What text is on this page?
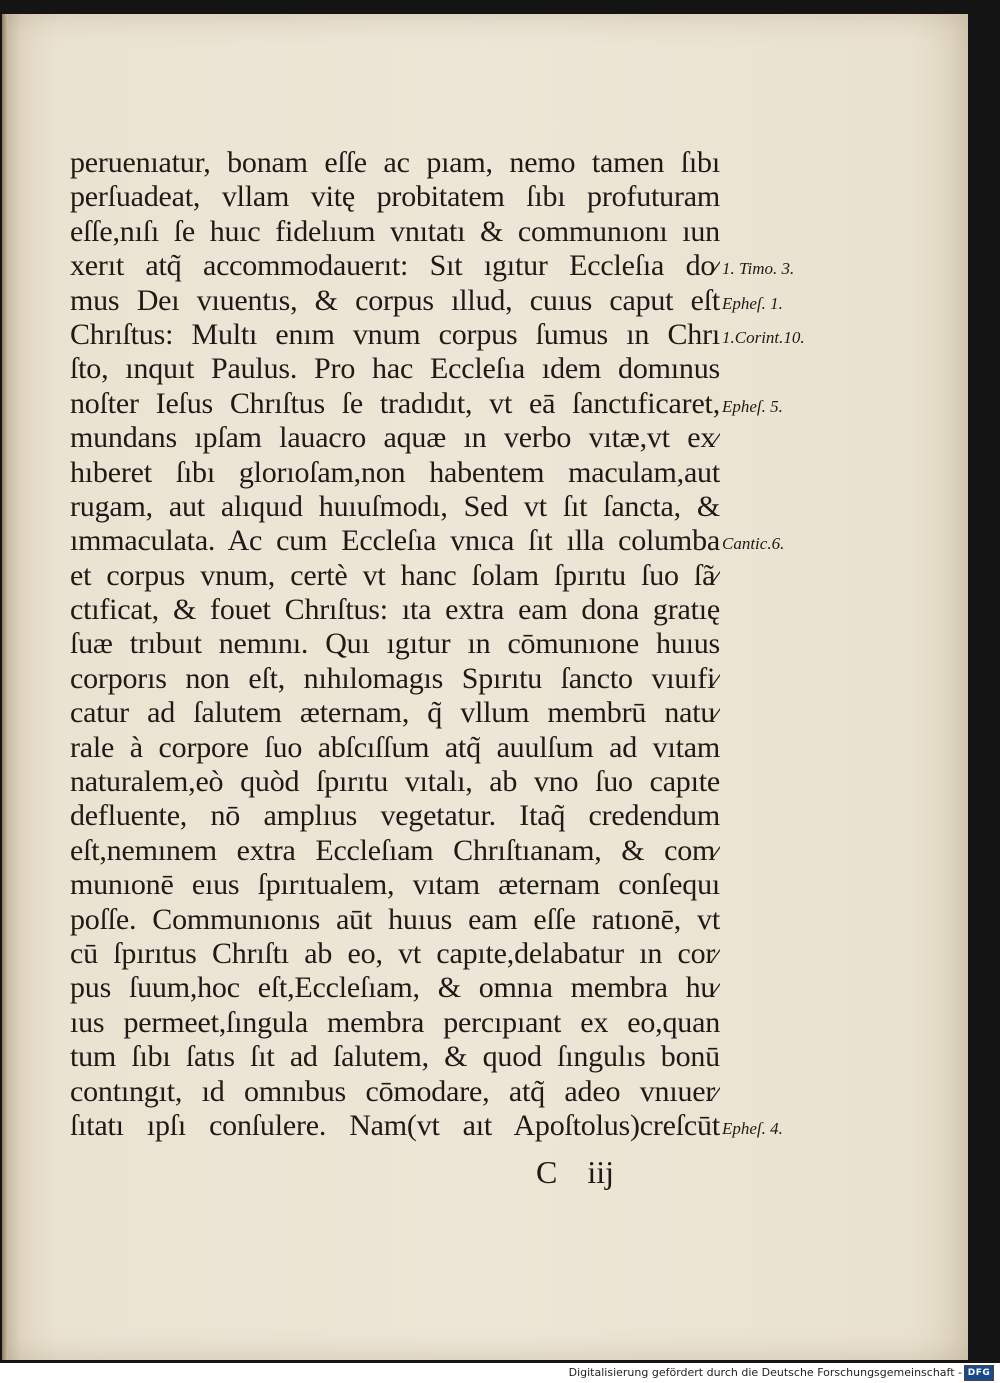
peruenıatur, bonam eſſe ac pıam, nemo tamen ſıbı
perſuadeat, vllam vitę probitatem ſıbı profuturam
eſſe,nıſı ſe huıc fidelıum vnıtatı & communıonı ıun
xerıt atq̃ accommodauerıt: Sıt ıgıtur Eccleſıa do⁄
mus Deı vıuentıs, & corpus ıllud, cuıus caput eſt
Chrıſtus: Multı enım vnum corpus ſumus ın Chrı
ſto, ınquıt Paulus. Pro hac Eccleſıa ıdem domınus
noſter Ieſus Chrıſtus ſe tradıdıt, vt eā ſanctıficaret,
mundans ıpſam lauacro aquæ ın verbo vıtæ,vt ex⁄
hıberet ſıbı glorıoſam,non habentem maculam,aut
rugam, aut alıquıd huıuſmodı, Sed vt ſıt ſancta, &
ımmaculata. Ac cum Eccleſıa vnıca ſıt ılla columba
et corpus vnum, certè vt hanc ſolam ſpırıtu ſuo ſã⁄
ctıficat, & fouet Chrıſtus: ıta extra eam dona gratıę
ſuæ trıbuıt nemını. Quı ıgıtur ın cōmunıone huıus
corporıs non eſt, nıhılomagıs Spırıtu ſancto vıuıfi⁄
catur ad ſalutem æternam, q̃ vllum membrū natu⁄
rale à corpore ſuo abſcıſſum atq̃ auulſum ad vıtam
naturalem,eò quòd ſpırıtu vıtalı, ab vno ſuo capıte
defluente, nō amplıus vegetatur. Itaq̃ credendum
eſt,nemınem extra Eccleſıam Chrıſtıanam, & com⁄
munıonē eıus ſpırıtualem, vıtam æternam conſequı
poſſe. Communıonıs aūt huıus eam eſſe ratıonē, vt
cū ſpırıtus Chrıſtı ab eo, vt capıte,delabatur ın cor⁄
pus ſuum,hoc eſt,Eccleſıam, & omnıa membra hu⁄
ıus permeet,ſıngula membra percıpıant ex eo,quan
tum ſıbı ſatıs ſıt ad ſalutem, & quod ſıngulıs bonū
contıngıt, ıd omnıbus cōmodare, atq̃ adeo vnıuer⁄
ſıtatı ıpſı conſulere. Nam(vt aıt Apoſtolus)creſcūt
C iij
1. Timo. 3.
Epheſ. 1.
1.Corint.10.
Epheſ. 5.
Cantic.6.
Epheſ. 4.
Digitalisierung gefördert durch die Deutsche Forschungsgemeinschaft - DFG
